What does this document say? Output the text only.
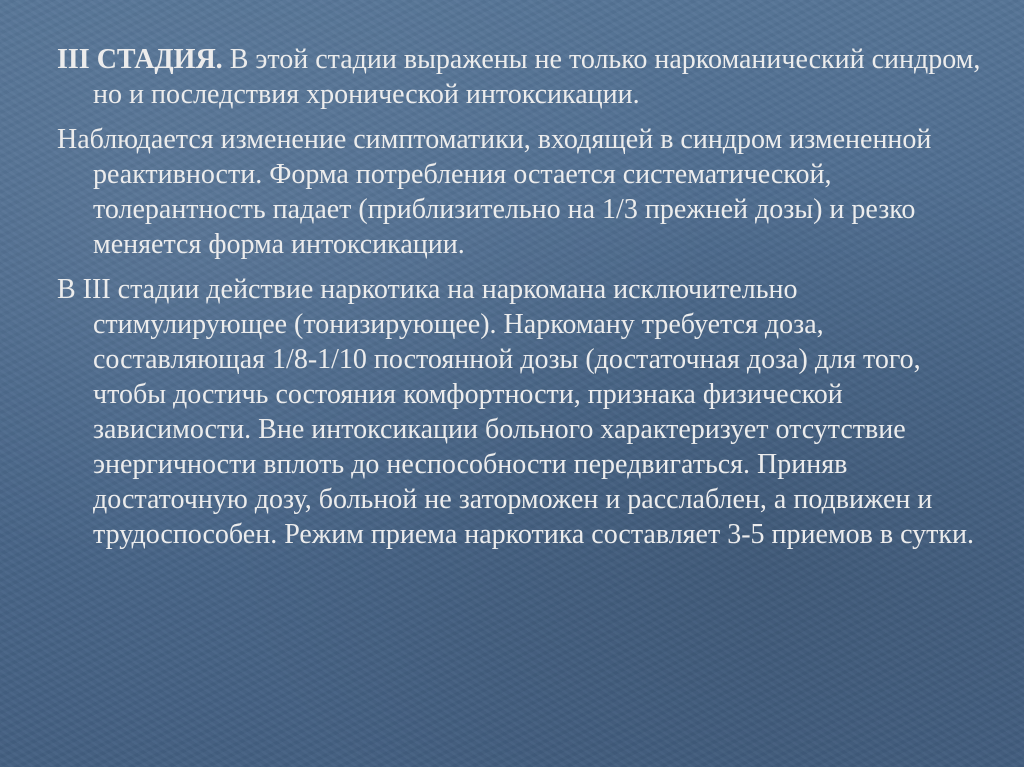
III СТАДИЯ. В этой стадии выражены не только наркоманический синдром, но и последствия хронической интоксикации.

Наблюдается изменение симптоматики, входящей в синдром измененной реактивности. Форма потребления остается систематической, толерантность падает (приблизительно на 1/3 прежней дозы) и резко меняется форма интоксикации.

В III стадии действие наркотика на наркомана исключительно стимулирующее (тонизирующее). Наркоману требуется доза, составляющая 1/8-1/10 постоянной дозы (достаточная доза) для того, чтобы достичь состояния комфортности, признака физической зависимости. Вне интоксикации больного характеризует отсутствие энергичности вплоть до неспособности передвигаться. Приняв достаточную дозу, больной не заторможен и расслаблен, а подвижен и трудоспособен. Режим приема наркотика составляет 3-5 приемов в сутки.
